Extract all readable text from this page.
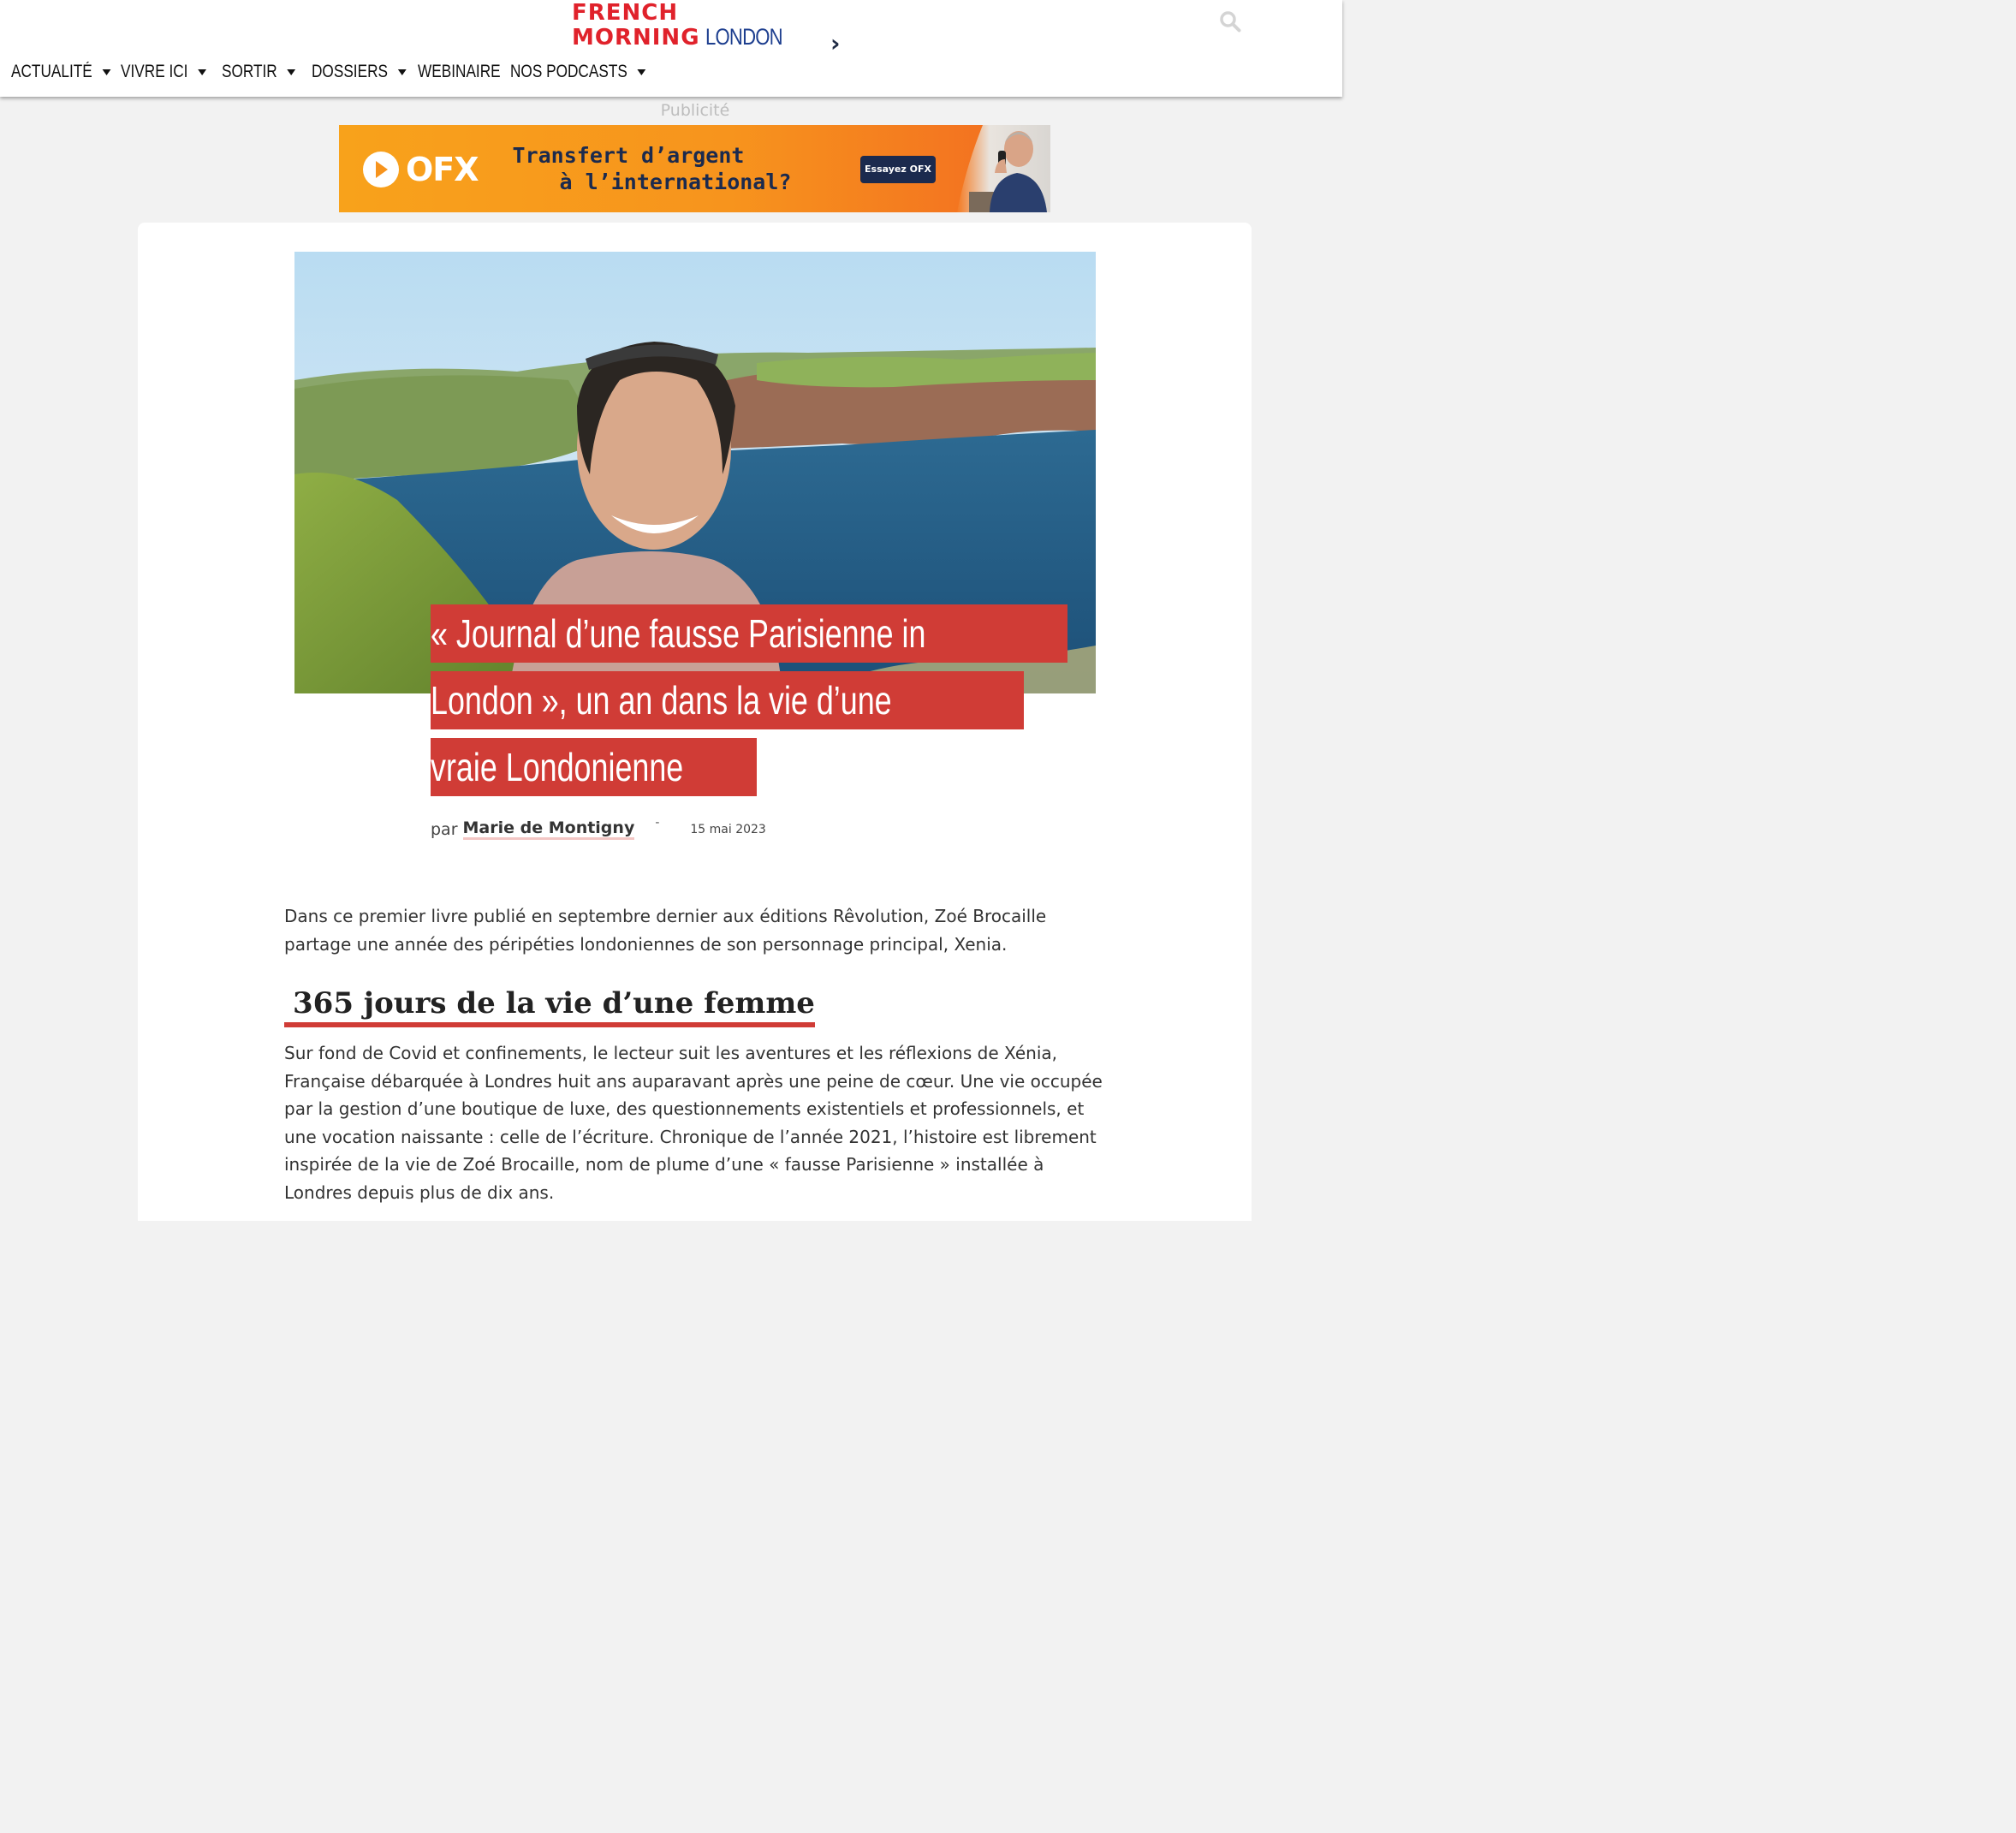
FRENCH
MORNING LONDON	›
ACTUALITÉ VIVRE ICI SORTIR DOSSIERS WEBINAIRE NOS PODCASTS
Publicité
OFX	Transfert d’argent
à l’international?
Essayez OFX
« Journal d’une fausse Parisienne in
London », un an dans la vie d’une
vraie Londonienne
par Marie de Montigny -	15 mai 2023

Dans ce premier livre publié en septembre dernier aux éditions Rêvolution, Zoé Brocaille partage une année des péripéties londoniennes de son personnage principal, Xenia.

365 jours de la vie d’une femme

Sur fond de Covid et confinements, le lecteur suit les aventures et les réflexions de Xénia, Française débarquée à Londres huit ans auparavant après une peine de cœur. Une vie occupée par la gestion d’une boutique de luxe, des questionnements existentiels et professionnels, et une vocation naissante : celle de l’écriture. Chronique de l’année 2021, l’histoire est librement inspirée de la vie de Zoé Brocaille, nom de plume d’une « fausse Parisienne » installée à Londres depuis plus de dix ans.
